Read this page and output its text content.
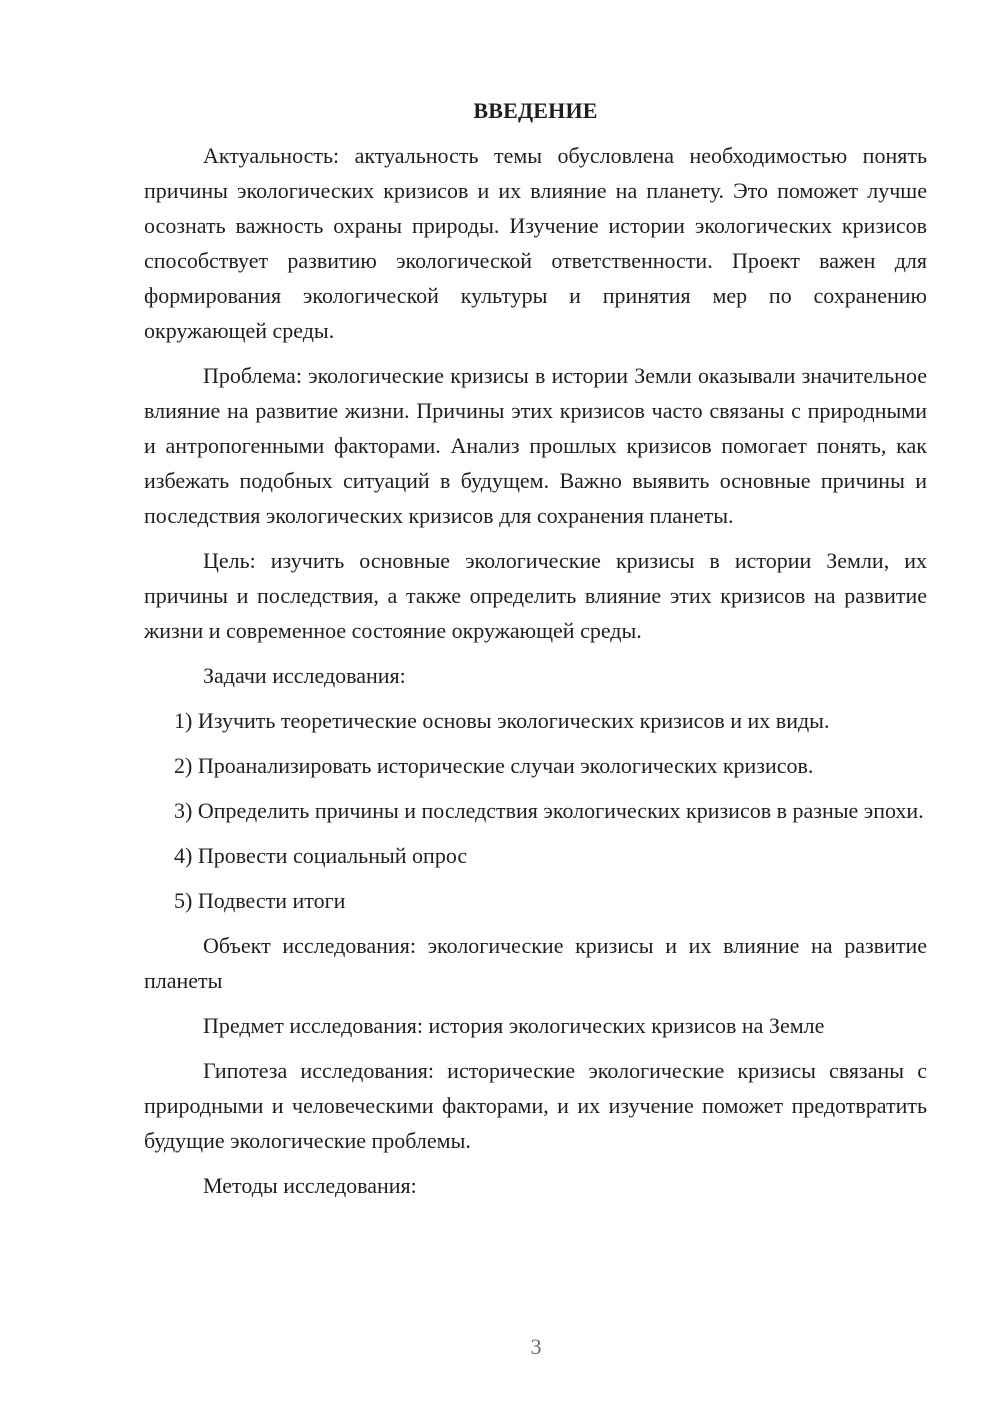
ВВЕДЕНИЕ

Актуальность: актуальность темы обусловлена необходимостью понять причины экологических кризисов и их влияние на планету. Это поможет лучше осознать важность охраны природы. Изучение истории экологических кризисов способствует развитию экологической ответственности. Проект важен для формирования экологической культуры и принятия мер по сохранению окружающей среды.

Проблема: экологические кризисы в истории Земли оказывали значительное влияние на развитие жизни. Причины этих кризисов часто связаны с природными и антропогенными факторами. Анализ прошлых кризисов помогает понять, как избежать подобных ситуаций в будущем. Важно выявить основные причины и последствия экологических кризисов для сохранения планеты.

Цель: изучить основные экологические кризисы в истории Земли, их причины и последствия, а также определить влияние этих кризисов на развитие жизни и современное состояние окружающей среды.

Задачи исследования:

1) Изучить теоретические основы экологических кризисов и их виды.

2) Проанализировать исторические случаи экологических кризисов.

3) Определить причины и последствия экологических кризисов в разные эпохи.

4) Провести социальный опрос

5) Подвести итоги

Объект исследования: экологические кризисы и их влияние на развитие планеты

Предмет исследования: история экологических кризисов на Земле

Гипотеза исследования: исторические экологические кризисы связаны с природными и человеческими факторами, и их изучение поможет предотвратить будущие экологические проблемы.

Методы исследования:

3
